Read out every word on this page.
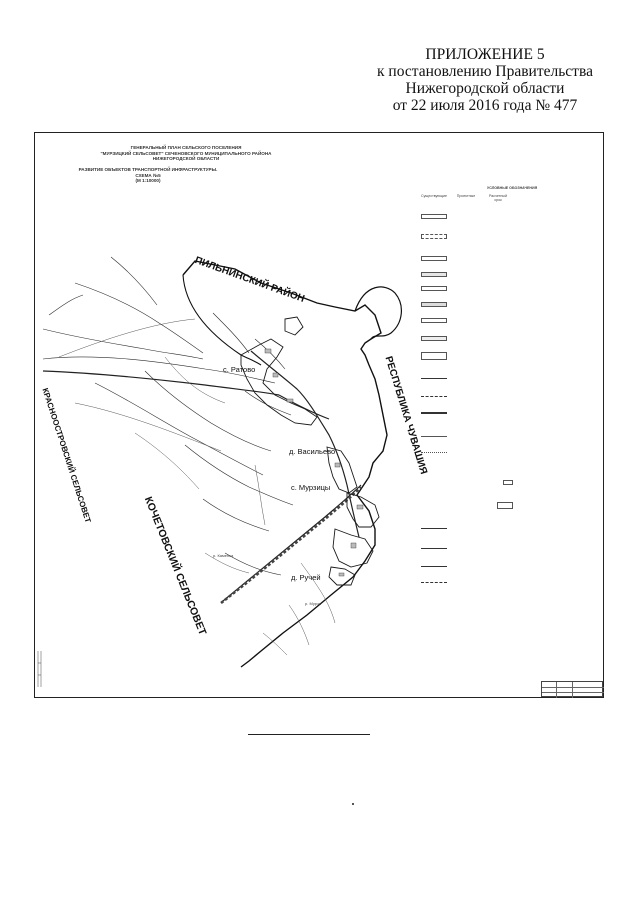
ПРИЛОЖЕНИЕ 5
к постановлению Правительства
Нижегородской области
от 22 июля 2016 года № 477
ГЕНЕРАЛЬНЫЙ ПЛАН СЕЛЬСКОГО ПОСЕЛЕНИЯ
"МУРЗИЦКИЙ СЕЛЬСОВЕТ" СЕЧЕНОВСКОГО МУНИЦИПАЛЬНОГО РАЙОНА
НИЖЕГОРОДСКОЙ ОБЛАСТИ
РАЗВИТИЕ ОБЪЕКТОВ ТРАНСПОРТНОЙ ИНФРАСТРУКТУРЫ.
СХЕМА №5
(М 1:10000)
ПИЛЬНИНСКИЙ РАЙОН
РЕСПУБЛИКА ЧУВАШИЯ
КРАСНООСТРОВСКИЙ СЕЛЬСОВЕТ
КОЧЕТОВСКИЙ СЕЛЬСОВЕТ
с. Ратово
д. Васильево
с. Мурзицы
д. Ручей
р. Каменка
р. Мурза
УСЛОВНЫЕ ОБОЗНАЧЕНИЯ
Существующие	Проектные	Расчетный срок
